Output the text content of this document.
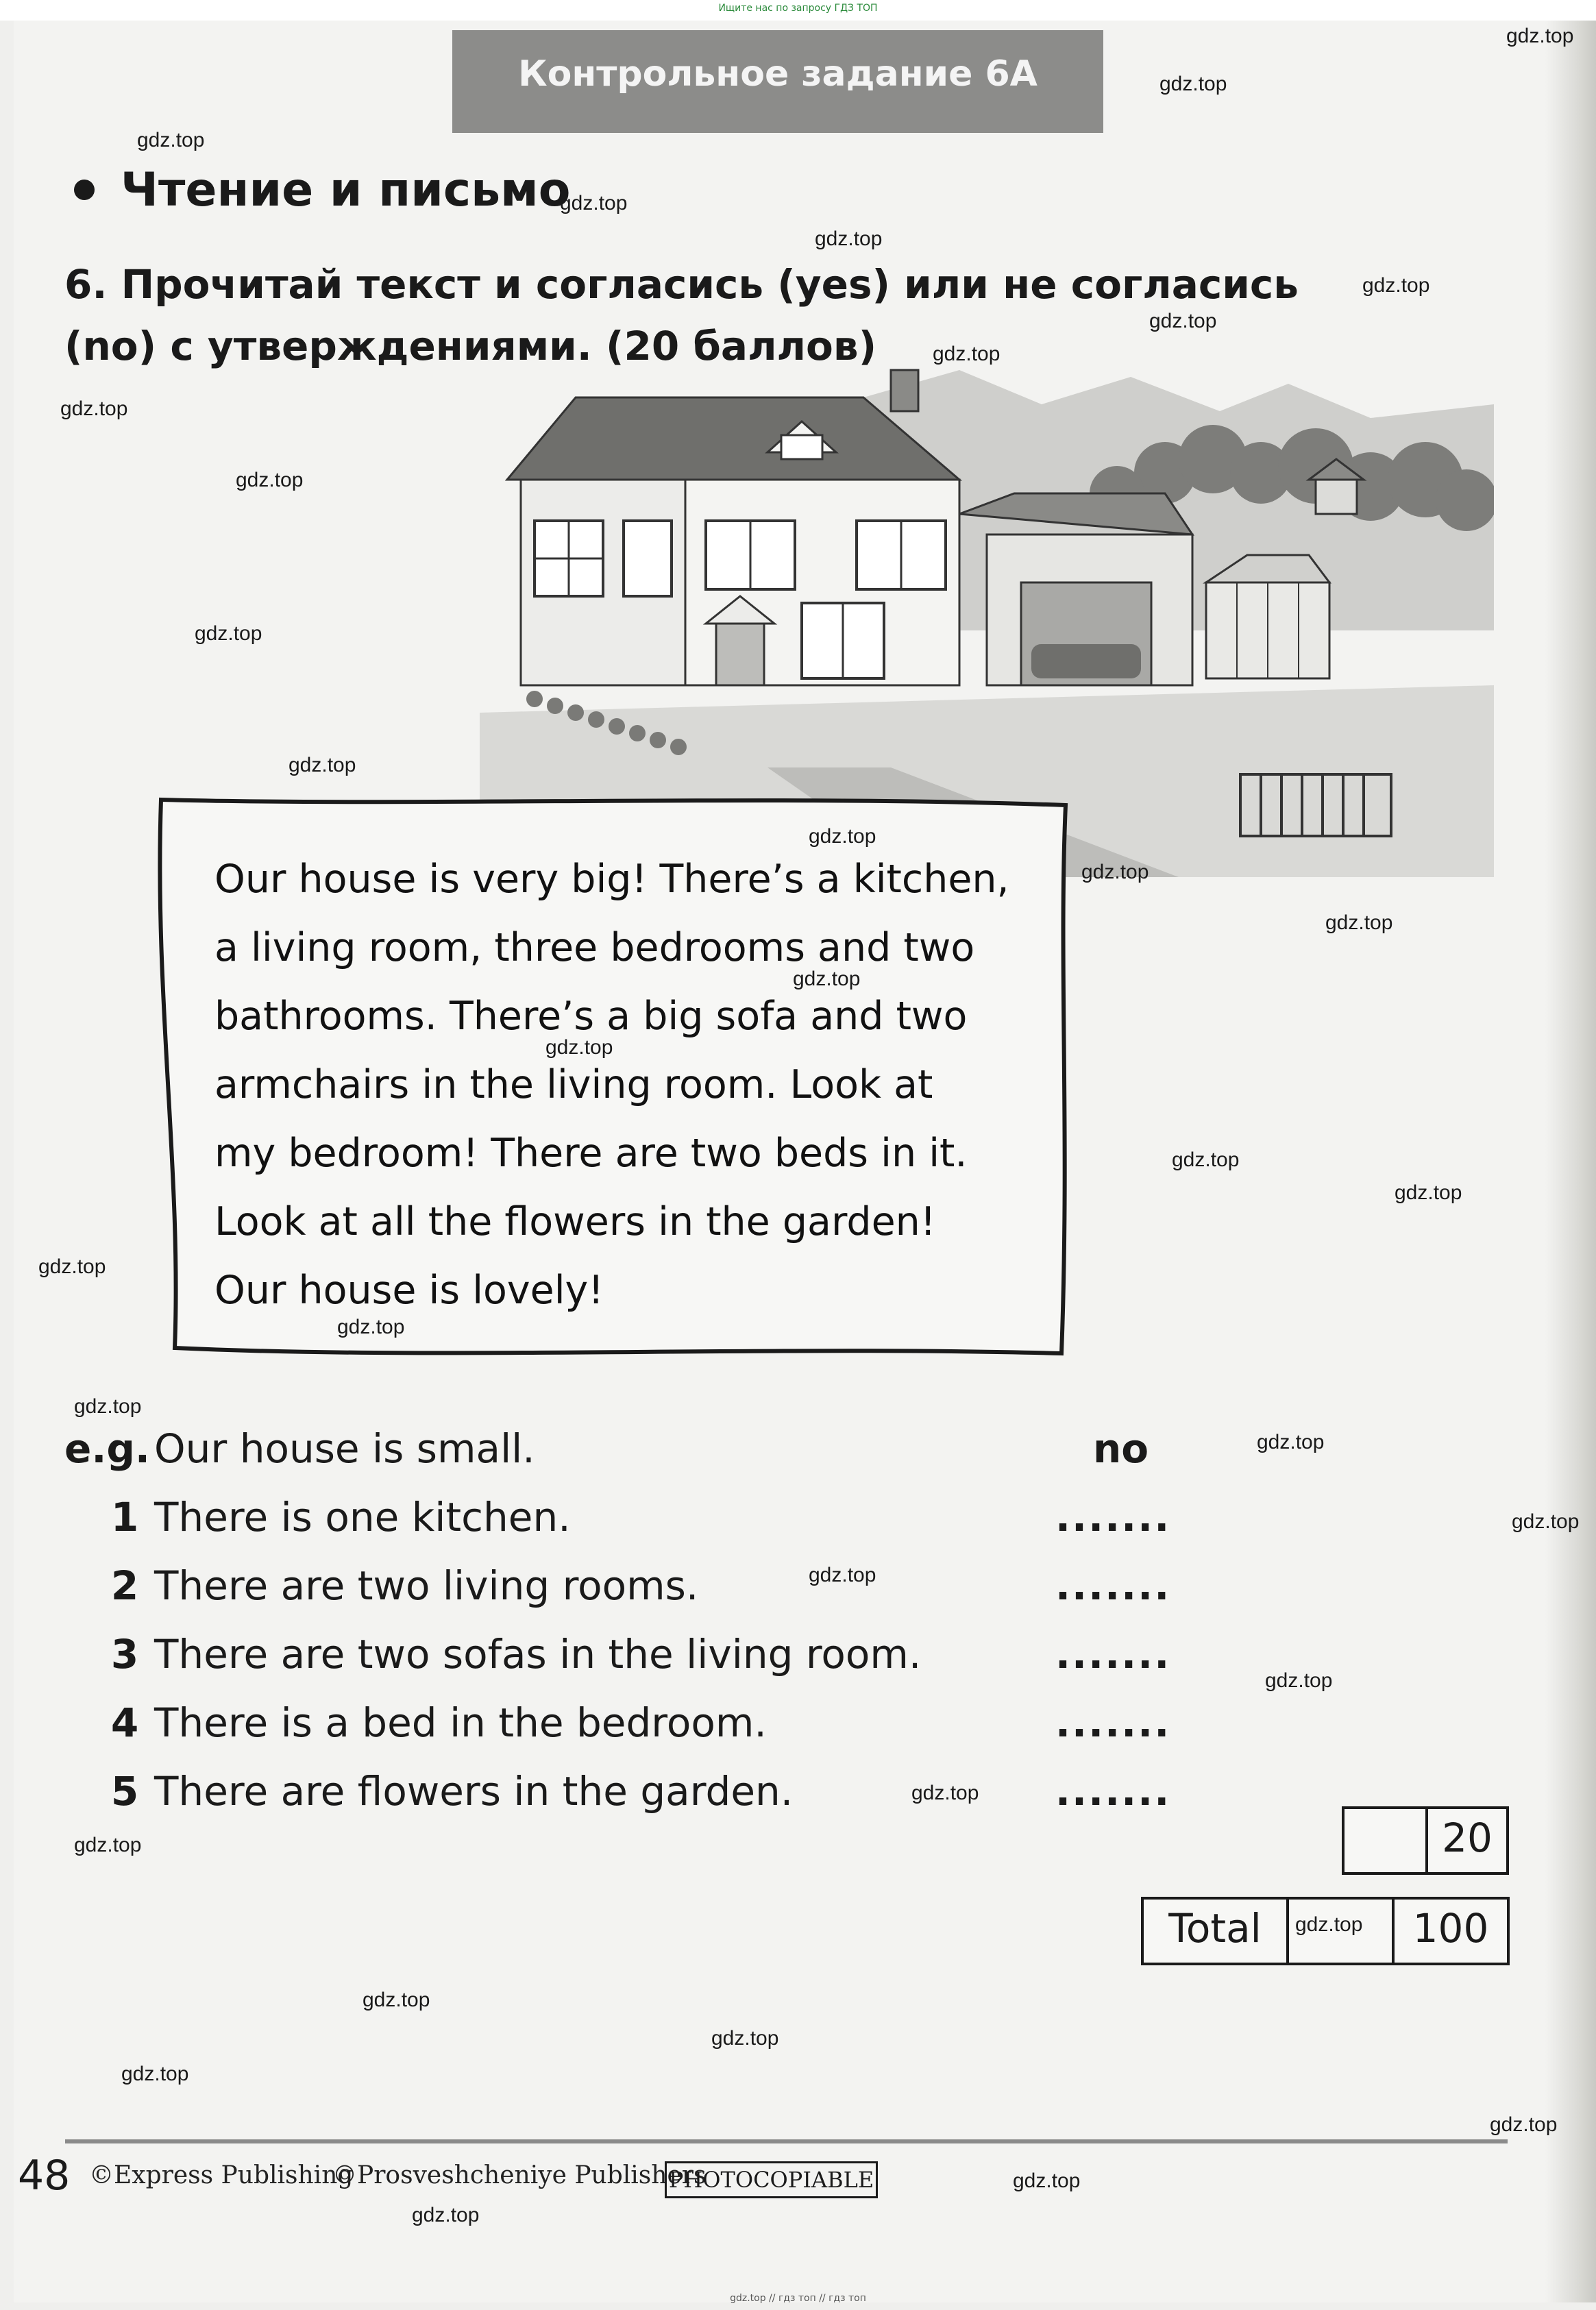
Ищите нас по запросу ГДЗ ТОП
Контрольное задание 6А
Чтение и письмо
6. Прочитай текст и согласись (yes) или не согласись (no) с утверждениями. (20 баллов)
Our house is very big! There’s a kitchen,
a living room, three bedrooms and two
bathrooms. There’s a big sofa and two
armchairs in the living room. Look at
my bedroom! There are two beds in it.
Look at all the flowers in the garden!
Our house is lovely!
e.g. Our house is small.	no
1 There is one kitchen.	.......
2 There are two living rooms.	.......
3 There are two sofas in the living room.	.......
4 There is a bed in the bedroom.	.......
5 There are flowers in the garden.	.......
20
Total	100
48 ©Express Publishing
©Prosveshcheniye Publishers
PHOTOCOPIABLE
gdz.top
gdz.top
gdz.top
gdz.top
gdz.top
gdz.top
gdz.top
gdz.top
gdz.top
gdz.top
gdz.top
gdz.top
gdz.top
gdz.top
gdz.top
gdz.top
gdz.top
gdz.top
gdz.top
gdz.top
gdz.top
gdz.top
gdz.top
gdz.top
gdz.top
gdz.top
gdz.top
gdz.top
gdz.top
gdz.top
gdz.top
gdz.top
gdz.top
gdz.top
gdz.top
gdz.top // гдз топ // гдз топ
